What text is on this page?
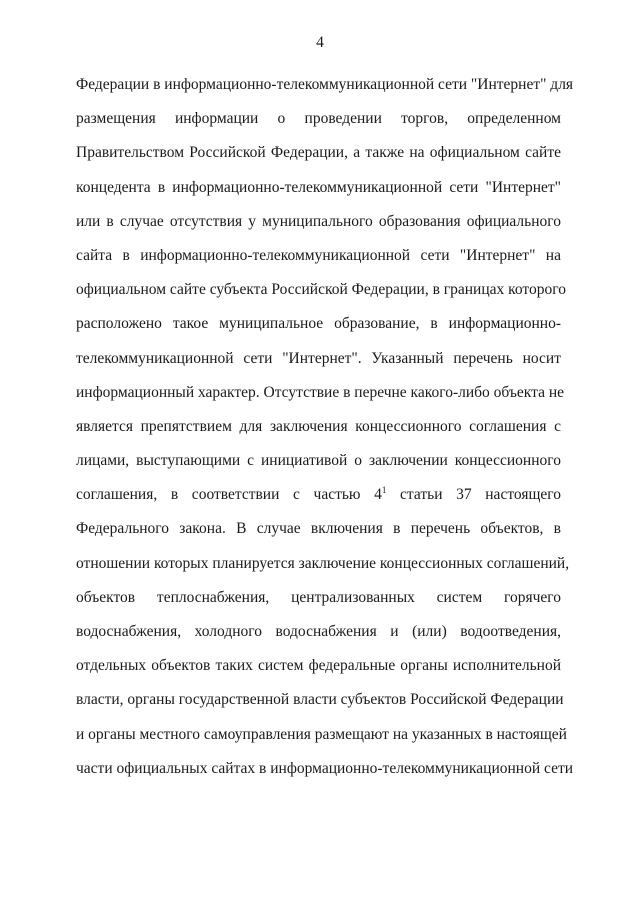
4
Федерации в информационно-телекоммуникационной сети "Интернет" для
размещения информации о проведении торгов, определенном
Правительством Российской Федерации, а также на официальном сайте
концедента в информационно-телекоммуникационной сети "Интернет"
или в случае отсутствия у муниципального образования официального
сайта в информационно-телекоммуникационной сети "Интернет" на
официальном сайте субъекта Российской Федерации, в границах которого
расположено такое муниципальное образование, в информационно-
телекоммуникационной сети "Интернет". Указанный перечень носит
информационный характер. Отсутствие в перечне какого-либо объекта не
является препятствием для заключения концессионного соглашения с
лицами, выступающими с инициативой о заключении концессионного
соглашения, в соответствии с частью $4^1$ статьи 37 настоящего
Федерального закона. В случае включения в перечень объектов, в
отношении которых планируется заключение концессионных соглашений,
объектов теплоснабжения, централизованных систем горячего
водоснабжения, холодного водоснабжения и (или) водоотведения,
отдельных объектов таких систем федеральные органы исполнительной
власти, органы государственной власти субъектов Российской Федерации
и органы местного самоуправления размещают на указанных в настоящей
части официальных сайтах в информационно-телекоммуникационной сети
